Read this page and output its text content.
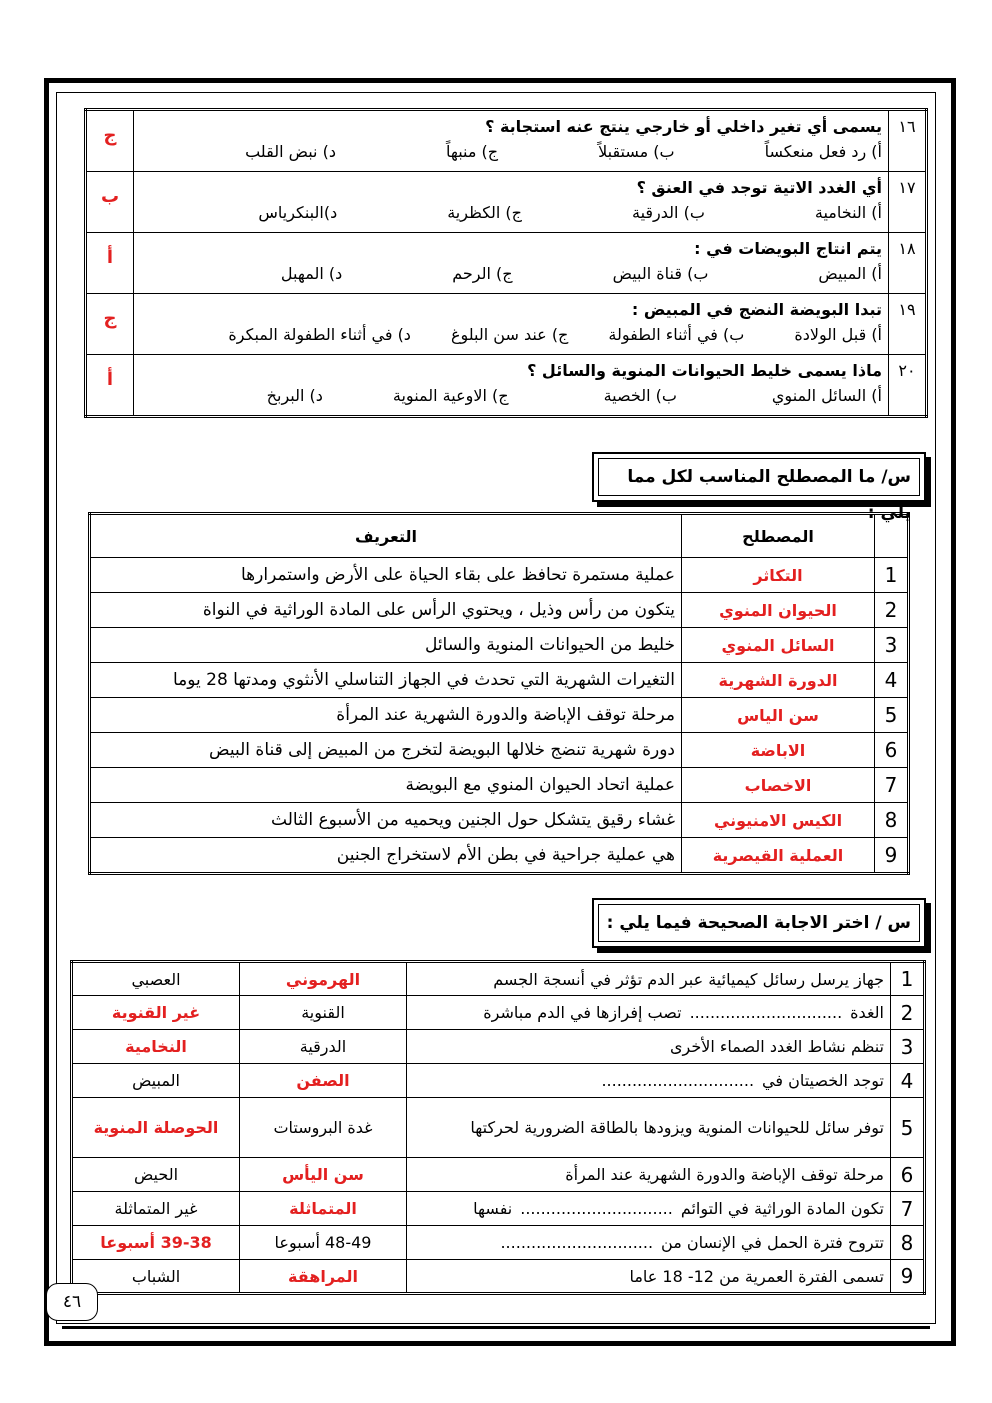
١٦	يسمى أي تغير داخلي أو خارجي ينتج عنه استجابة ؟
أ) رد فعل منعكساً
ب) مستقبلاً
ج) منبهاً
د) نبض القلب	ج
١٧	أي الغدد الاتية توجد في العنق ؟
أ) النخامية
ب) الدرقية
ج) الكظرية
د)البنكرياس	ب
١٨	يتم انتاج البويضات في :
أ) المبيض
ب) قناة البيض
ج) الرحم
د) المهبل	أ
١٩	تبدا البويضة النضج في المبيض :
أ) قبل الولادة
ب) في أثناء الطفولة
ج) عند سن البلوغ
د) في أثناء الطفولة المبكرة	ج
٢٠	ماذا يسمى خليط الحيوانات المنوية والسائل ؟
أ) السائل المنوي
ب) الخصية
ج) الاوعية المنوية
د) البربخ	أ
س/ ما المصطلح المناسب لكل مما يلي :
	المصطلح	التعريف
1	التكاثر	عملية مستمرة تحافظ على بقاء الحياة على الأرض واستمرارها
2	الحيوان المنوي	يتكون من رأس وذيل ، ويحتوي الرأس على المادة الوراثية في النواة
3	السائل المنوي	خليط من الحيوانات المنوية والسائل
4	الدورة الشهرية	التغيرات الشهرية التي تحدث في الجهاز التناسلي الأنثوي ومدتها 28 يوما
5	سن الياس	مرحلة توقف الإباضة والدورة الشهرية عند المرأة
6	الاباضة	دورة شهرية تنضج خلالها البويضة لتخرج من المبيض إلى قناة البيض
7	الاخصاب	عملية اتحاد الحيوان المنوي مع البويضة
8	الكيس الامنيوني	غشاء رقيق يتشكل حول الجنين ويحميه من الأسبوع الثالث
9	العملية القيصرية	هي عملية جراحية في بطن الأم لاستخراج الجنين
س / اختر الاجابة الصحيحة فيما يلي :
1	جهاز يرسل رسائل كيميائية عبر الدم تؤثر في أنسجة الجسم	الهرموني	العصبي
2	الغدة..............................تصب إفرازها في الدم مباشرة	القنوية	غير القنوية
3	تنظم نشاط الغدد الصماء الأخرى	الدرقية	النخامية
4	توجد الخصيتان في..............................	الصفن	المبيض
5	توفر سائل للحيوانات المنوية ويزودها بالطاقة الضرورية لحركتها	غدة البروستات	الحوصلة المنوية
6	مرحلة توقف الإباضة والدورة الشهرية عند المرأة	سن اليأس	الحيض
7	تكون المادة الوراثية في التوائم..............................نفسها	المتماثلة	غير المتماثلة
8	تتروح فترة الحمل في الإنسان من..............................	48-49 أسبوعا	39-38 أسبوعا
9	تسمى الفترة العمرية من 12- 18 عاما	المراهقة	الشباب
٤٦
